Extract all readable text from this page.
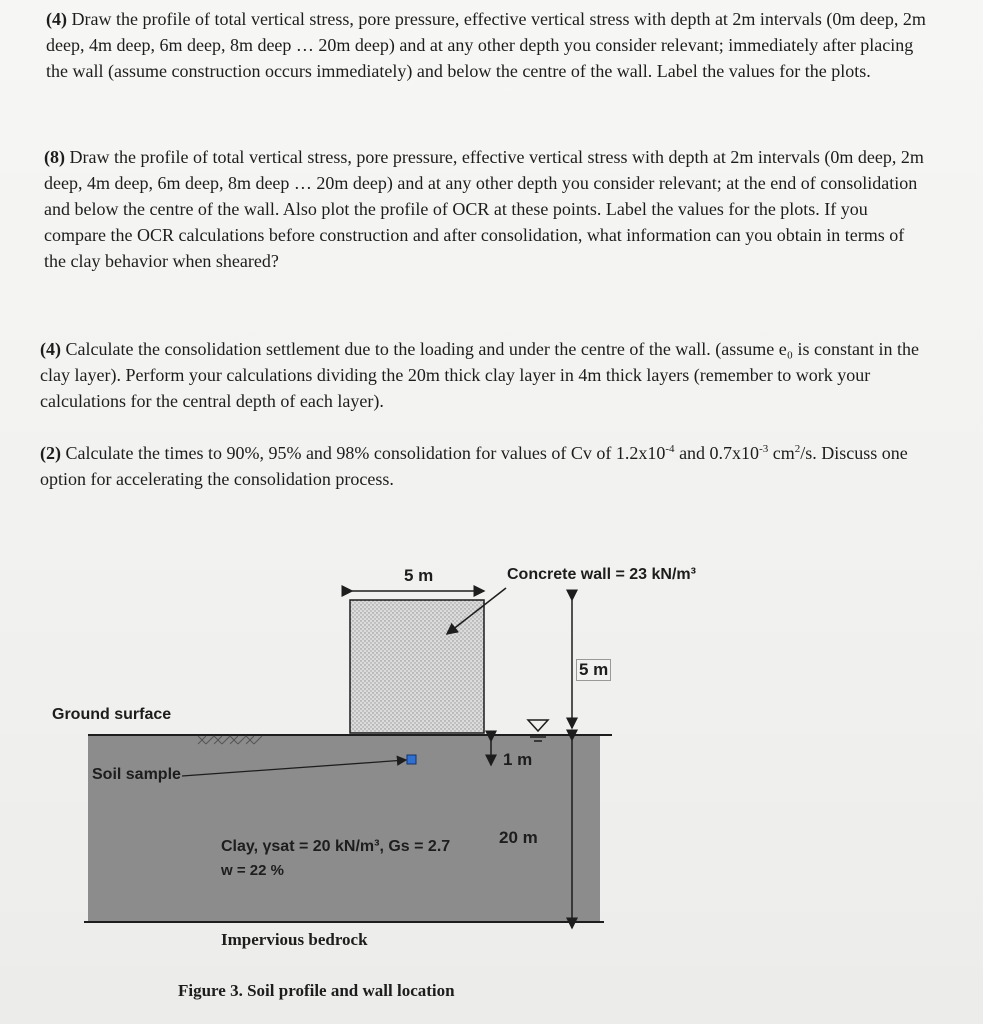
(4) Draw the profile of total vertical stress, pore pressure, effective vertical stress with depth at 2m intervals (0m deep, 2m deep, 4m deep, 6m deep, 8m deep … 20m deep) and at any other depth you consider relevant; immediately after placing the wall (assume construction occurs immediately) and below the centre of the wall. Label the values for the plots.
(8) Draw the profile of total vertical stress, pore pressure, effective vertical stress with depth at 2m intervals (0m deep, 2m deep, 4m deep, 6m deep, 8m deep … 20m deep) and at any other depth you consider relevant; at the end of consolidation and below the centre of the wall. Also plot the profile of OCR at these points. Label the values for the plots. If you compare the OCR calculations before construction and after consolidation, what information can you obtain in terms of the clay behavior when sheared?
(4) Calculate the consolidation settlement due to the loading and under the centre of the wall. (assume e₀ is constant in the clay layer). Perform your calculations dividing the 20m thick clay layer in 4m thick layers (remember to work your calculations for the central depth of each layer).
(2) Calculate the times to 90%, 95% and 98% consolidation for values of Cv of $1.2x10^{-4}$ and $0.7x10^{-3}$ $cm^2/s$. Discuss one option for accelerating the consolidation process.
5 m	Concrete wall = 23 kN/m³
5 m
Ground surface
1 m
Soil sample
20 m
Clay, γsat = 20 kN/m³, Gs = 2.7
w = 22 %
Impervious bedrock
Figure 3. Soil profile and wall location
